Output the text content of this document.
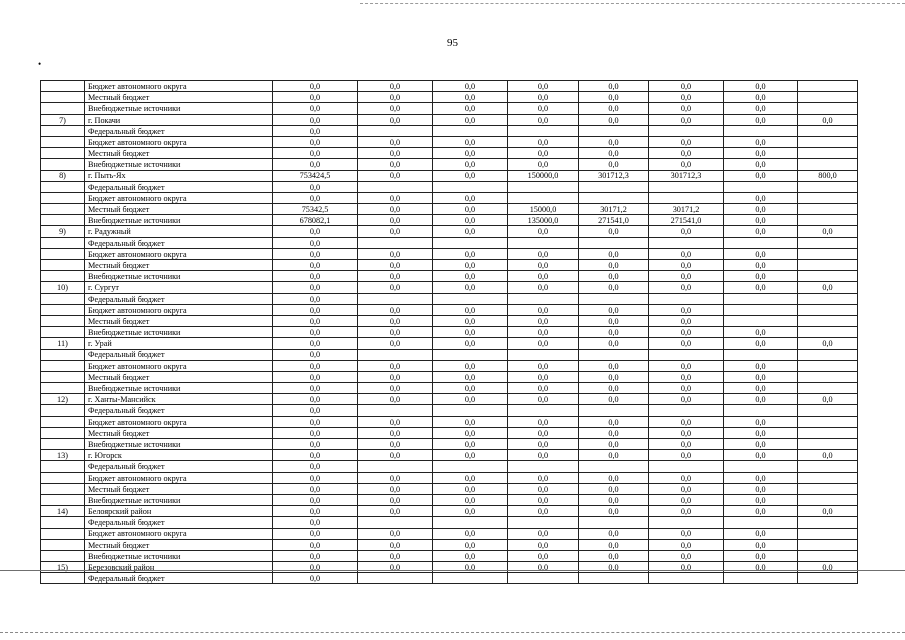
95
•
	Бюджет автономного округа	0,0	0,0	0,0	0,0	0,0	0,0	0,0	
	Местный бюджет	0,0	0,0	0,0	0,0	0,0	0,0	0,0	
	Внебюджетные источники	0,0	0,0	0,0	0,0	0,0	0,0	0,0	
7)	г. Покачи	0,0	0,0	0,0	0,0	0,0	0,0	0,0	0,0
	Федеральный бюджет	0,0							
	Бюджет автономного округа	0,0	0,0	0,0	0,0	0,0	0,0	0,0	
	Местный бюджет	0,0	0,0	0,0	0,0	0,0	0,0	0,0	
	Внебюджетные источники	0,0	0,0	0,0	0,0	0,0	0,0	0,0	
8)	г. Пыть-Ях	753424,5	0,0	0,0	150000,0	301712,3	301712,3	0,0	800,0
	Федеральный бюджет	0,0							
	Бюджет автономного округа	0,0	0,0	0,0				0,0	
	Местный бюджет	75342,5	0,0	0,0	15000,0	30171,2	30171,2	0,0	
	Внебюджетные источники	678082,1	0,0	0,0	135000,0	271541,0	271541,0	0,0	
9)	г. Радужный	0,0	0,0	0,0	0,0	0,0	0,0	0,0	0,0
	Федеральный бюджет	0,0							
	Бюджет автономного округа	0,0	0,0	0,0	0,0	0,0	0,0	0,0	
	Местный бюджет	0,0	0,0	0,0	0,0	0,0	0,0	0,0	
	Внебюджетные источники	0,0	0,0	0,0	0,0	0,0	0,0	0,0	
10)	г. Сургут	0,0	0,0	0,0	0,0	0,0	0,0	0,0	0,0
	Федеральный бюджет	0,0							
	Бюджет автономного округа	0,0	0,0	0,0	0,0	0,0	0,0		
	Местный бюджет	0,0	0,0	0,0	0,0	0,0	0,0		
	Внебюджетные источники	0,0	0,0	0,0	0,0	0,0	0,0	0,0	
11)	г. Урай	0,0	0,0	0,0	0,0	0,0	0,0	0,0	0,0
	Федеральный бюджет	0,0							
	Бюджет автономного округа	0,0	0,0	0,0	0,0	0,0	0,0	0,0	
	Местный бюджет	0,0	0,0	0,0	0,0	0,0	0,0	0,0	
	Внебюджетные источники	0,0	0,0	0,0	0,0	0,0	0,0	0,0	
12)	г. Ханты-Мансийск	0,0	0,0	0,0	0,0	0,0	0,0	0,0	0,0
	Федеральный бюджет	0,0							
	Бюджет автономного округа	0,0	0,0	0,0	0,0	0,0	0,0	0,0	
	Местный бюджет	0,0	0,0	0,0	0,0	0,0	0,0	0,0	
	Внебюджетные источники	0,0	0,0	0,0	0,0	0,0	0,0	0,0	
13)	г. Югорск	0,0	0,0	0,0	0,0	0,0	0,0	0,0	0,0
	Федеральный бюджет	0,0							
	Бюджет автономного округа	0,0	0,0	0,0	0,0	0,0	0,0	0,0	
	Местный бюджет	0,0	0,0	0,0	0,0	0,0	0,0	0,0	
	Внебюджетные источники	0,0	0,0	0,0	0,0	0,0	0,0	0,0	
14)	Белоярский район	0,0	0,0	0,0	0,0	0,0	0,0	0,0	0,0
	Федеральный бюджет	0,0							
	Бюджет автономного округа	0,0	0,0	0,0	0,0	0,0	0,0	0,0	
	Местный бюджет	0,0	0,0	0,0	0,0	0,0	0,0	0,0	
	Внебюджетные источники	0,0	0,0	0,0	0,0	0,0	0,0	0,0	
15)	Березовский район	0,0	0,0	0,0	0,0	0,0	0,0	0,0	0,0
	Федеральный бюджет	0,0							
